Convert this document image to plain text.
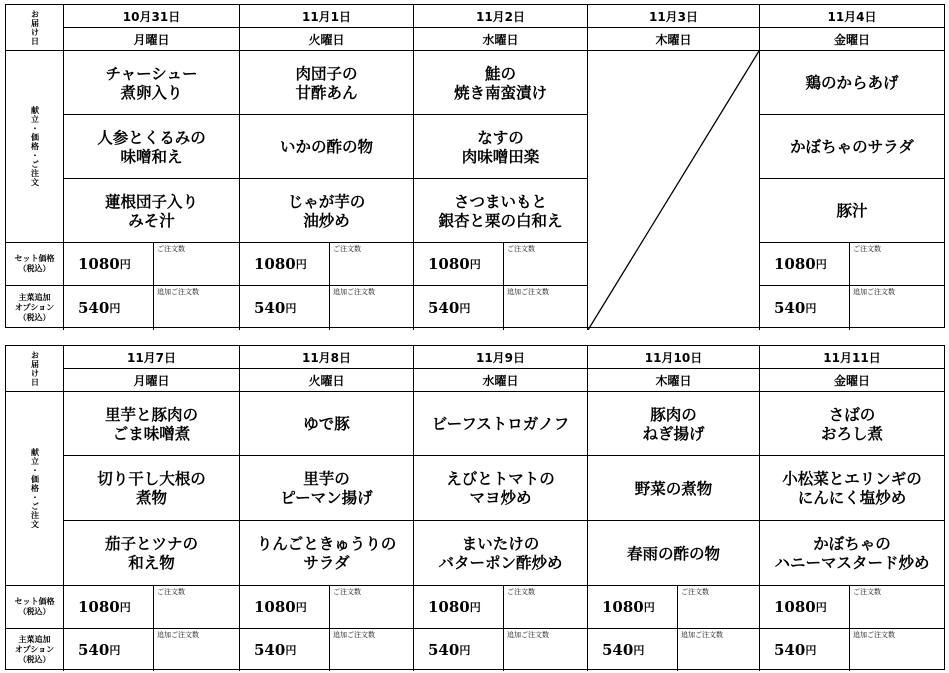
お届け日
献立・価格・ご注文
セット価格
（税込）
主菜追加
オプション
（税込）
10月31日
月曜日
チャーシュー
煮卵入り
人参とくるみの
味噌和え
蓮根団子入り
みそ汁
1080 円
ご注文数
540 円
追加ご注文数
11月1日
火曜日
肉団子の
甘酢あん
いかの酢の物
じゃが芋の
油炒め
1080 円
ご注文数
540 円
追加ご注文数
11月2日
水曜日
鮭の
焼き南蛮漬け
なすの
肉味噌田楽
さつまいもと
銀杏と栗の白和え
1080 円
ご注文数
540 円
追加ご注文数
11月3日
木曜日
11月4日
金曜日
鶏のからあげ
かぼちゃのサラダ
豚汁
1080 円
ご注文数
540 円
追加ご注文数
お届け日
献立・価格・ご注文
セット価格
（税込）
主菜追加
オプション
（税込）
11月7日
月曜日
里芋と豚肉の
ごま味噌煮
切り干し大根の
煮物
茄子とツナの
和え物
1080 円
ご注文数
540 円
追加ご注文数
11月8日
火曜日
ゆで豚
里芋の
ピーマン揚げ
りんごときゅうりの
サラダ
1080 円
ご注文数
540 円
追加ご注文数
11月9日
水曜日
ビーフストロガノフ
えびとトマトの
マヨ炒め
まいたけの
バターポン酢炒め
1080 円
ご注文数
540 円
追加ご注文数
11月10日
木曜日
豚肉の
ねぎ揚げ
野菜の煮物
春雨の酢の物
1080 円
ご注文数
540 円
追加ご注文数
11月11日
金曜日
さばの
おろし煮
小松菜とエリンギの
にんにく塩炒め
かぼちゃの
ハニーマスタード炒め
1080 円
ご注文数
540 円
追加ご注文数
